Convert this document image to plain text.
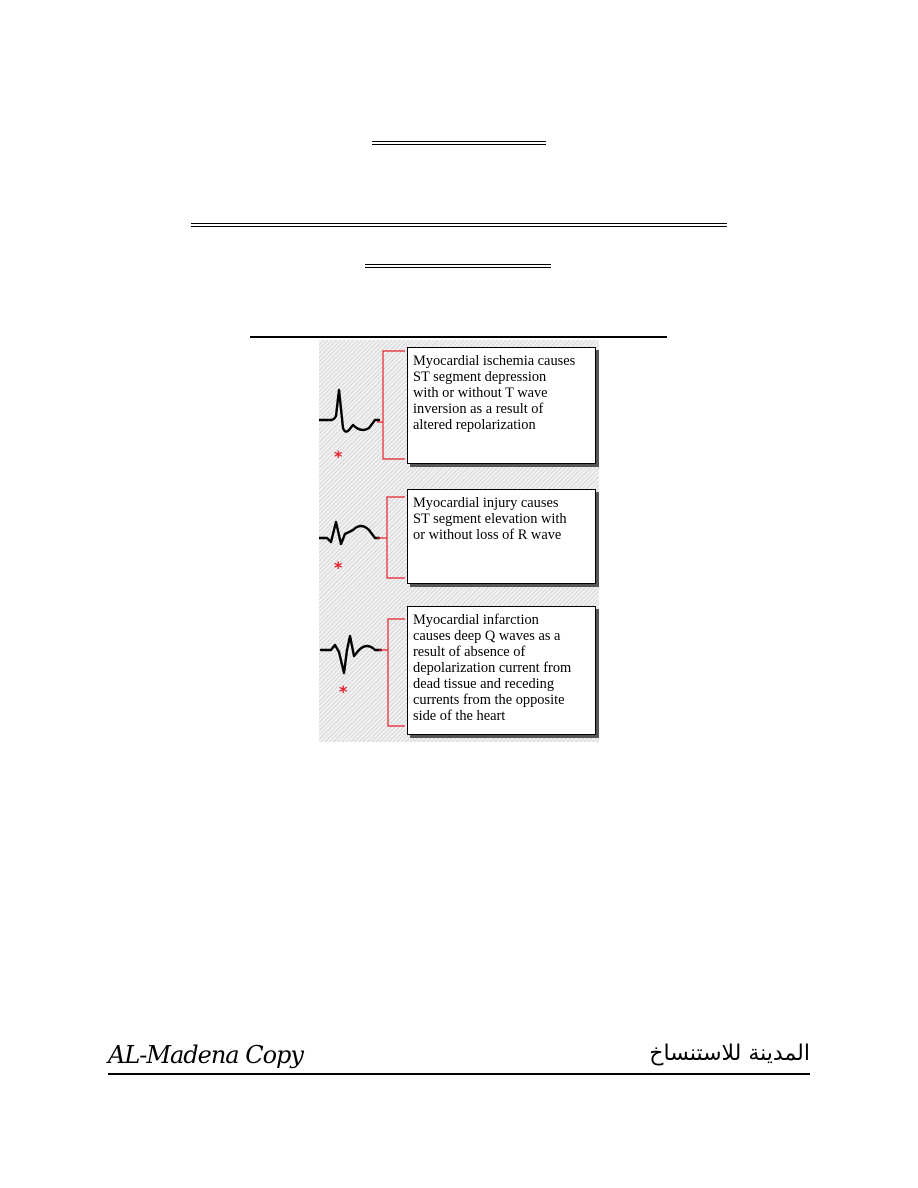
*
*
*
Myocardial ischemia causes
ST segment depression
with or without T wave
inversion as a result of
altered repolarization
Myocardial injury causes
ST segment elevation with
or without loss of R wave
Myocardial infarction
causes deep Q waves as a
result of absence of
depolarization current from
dead tissue and receding
currents from the opposite
side of the heart
AL-Madena Copy	المدينة للاستنساخ
